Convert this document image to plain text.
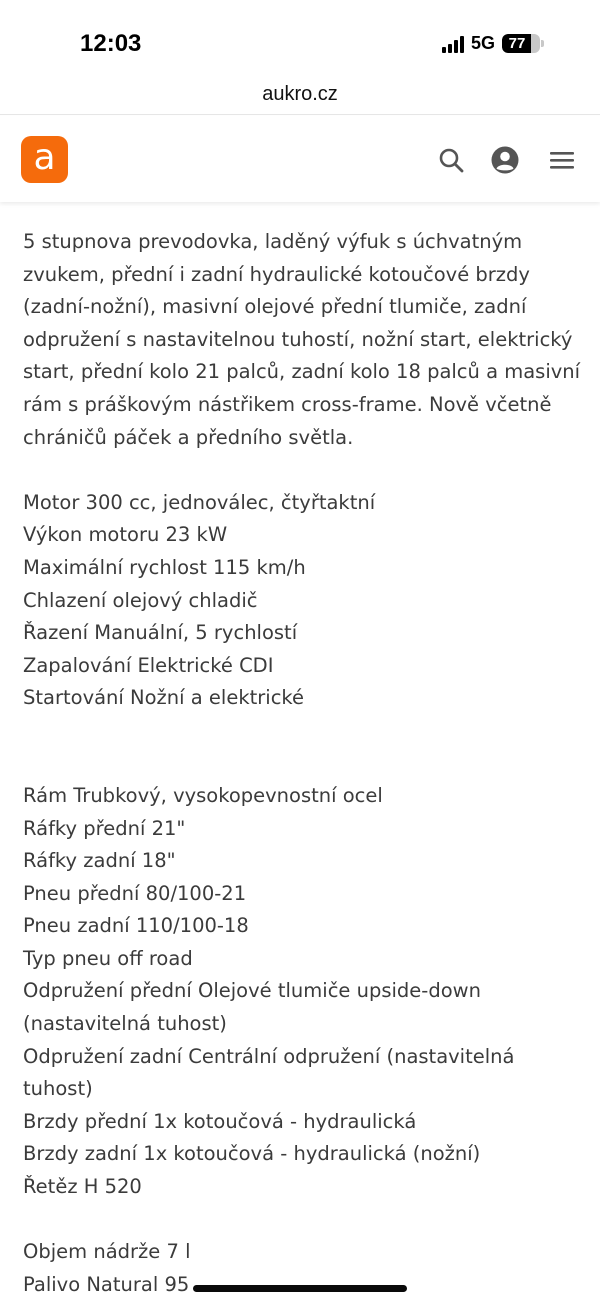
12:03	5G 77
aukro.cz
a

5 stupnova prevodovka, laděný výfuk s úchvatným zvukem, přední i zadní hydraulické kotoučové brzdy (zadní-nožní), masivní olejové přední tlumiče, zadní odpružení s nastavitelnou tuhostí, nožní start, elektrický start, přední kolo 21 palců, zadní kolo 18 palců a masivní rám s práškovým nástřikem cross-frame. Nově včetně chráničů páček a předního světla.

Motor 300 cc, jednoválec, čtyřtaktní
Výkon motoru 23 kW
Maximální rychlost 115 km/h
Chlazení olejový chladič
Řazení Manuální, 5 rychlostí
Zapalování Elektrické CDI
Startování Nožní a elektrické
Rám Trubkový, vysokopevnostní ocel
Ráfky přední 21"
Ráfky zadní 18"
Pneu přední 80/100-21
Pneu zadní 110/100-18
Typ pneu off road
Odpružení přední Olejové tlumiče upside-down (nastavitelná tuhost)
Odpružení zadní Centrální odpružení (nastavitelná tuhost)
Brzdy přední 1x kotoučová - hydraulická
Brzdy zadní 1x kotoučová - hydraulická (nožní)
Řetěz H 520
Objem nádrže 7 l
Palivo Natural 95
